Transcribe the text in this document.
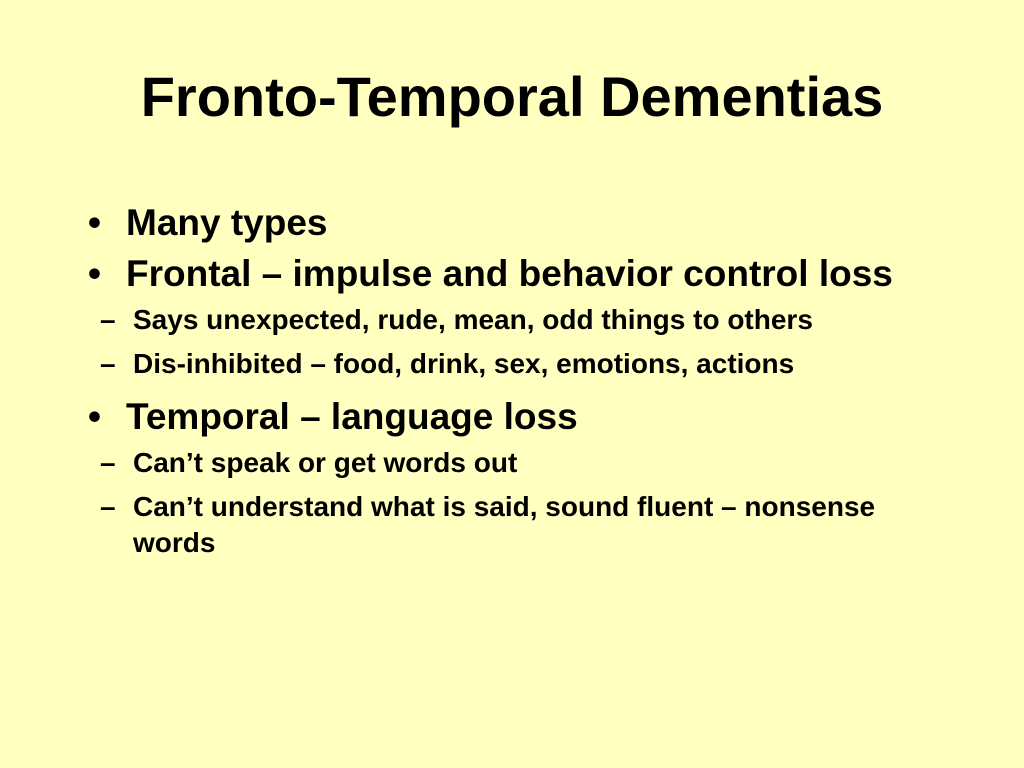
Fronto-Temporal Dementias
• Many types
• Frontal – impulse and behavior control loss
– Says unexpected, rude, mean, odd things to others
– Dis-inhibited – food, drink, sex, emotions, actions
• Temporal – language loss
– Can’t speak or get words out
– Can’t understand what is said, sound fluent – nonsense words
